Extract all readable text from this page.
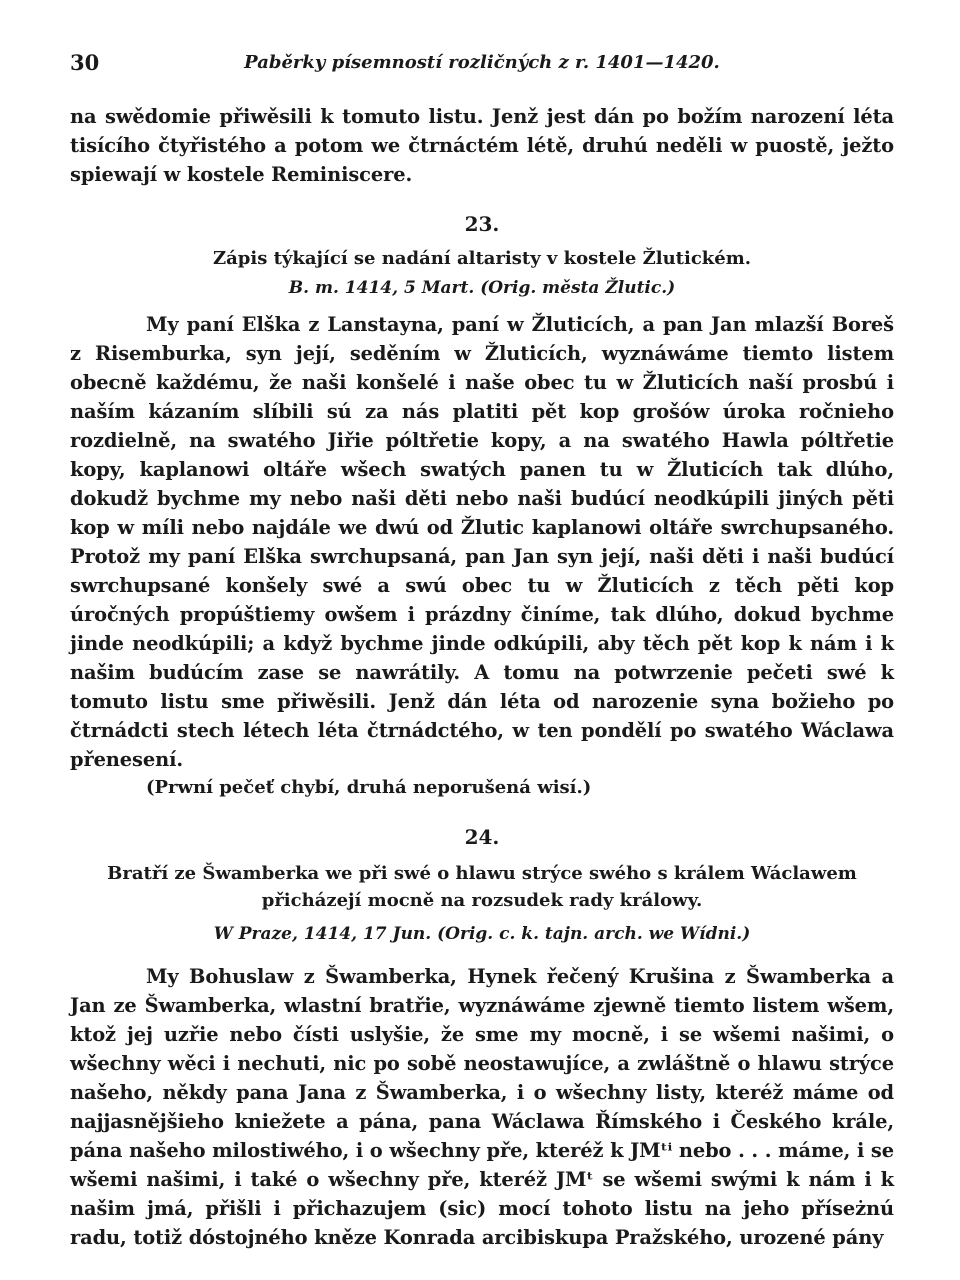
30	Paběrky písemností rozličných z r. 1401—1420.

na swědomie přiwěsili k tomuto listu. Jenž jest dán po božím narození léta tisícího čtyřistého a potom we čtrnáctém létě, druhú neděli w puostě, ježto spiewají w kostele Reminiscere.

23.
Zápis týkající se nadání altaristy v kostele Žlutickém.
B. m. 1414, 5 Mart. (Orig. města Žlutic.)

My paní Elška z Lanstayna, paní w Žluticích, a pan Jan mlazší Boreš z Risemburka, syn její, seděním w Žluticích, wyznáwáme tiemto listem obecně každému, že naši konšelé i naše obec tu w Žluticích naší prosbú i naším kázaním slíbili sú za nás platiti pět kop grošów úroka ročnieho rozdielně, na swatého Jiřie póltřetie kopy, a na swatého Hawla póltřetie kopy, kaplanowi oltáře wšech swatých panen tu w Žluticích tak dlúho, dokudž bychme my nebo naši děti nebo naši budúcí neodkúpili jiných pěti kop w míli nebo najdále we dwú od Žlutic kaplanowi oltáře swrchupsaného. Protož my paní Elška swrchupsaná, pan Jan syn její, naši děti i naši budúcí swrchupsané konšely swé a swú obec tu w Žluticích z těch pěti kop úročných propúštiemy owšem i prázdny činíme, tak dlúho, dokud bychme jinde neodkúpili; a když bychme jinde odkúpili, aby těch pět kop k nám i k našim budúcím zase se nawrátily. A tomu na potwrzenie pečeti swé k tomuto listu sme přiwěsili. Jenž dán léta od narozenie syna božieho po čtrnádcti stech létech léta čtrnádctého, w ten pondělí po swatého Wáclawa přenesení.

(Prwní pečeť chybí, druhá neporušená wisí.)
24.
Bratří ze Šwamberka we při swé o hlawu strýce swého s králem Wáclawem přicházejí mocně na rozsudek rady králowy.
W Praze, 1414, 17 Jun. (Orig. c. k. tajn. arch. we Wídni.)

My Bohuslaw z Šwamberka, Hynek řečený Krušina z Šwamberka a Jan ze Šwamberka, wlastní bratřie, wyznáwáme zjewně tiemto listem wšem, ktož jej uzřie nebo čísti uslyšie, že sme my mocně, i se wšemi našimi, o wšechny wěci i nechuti, nic po sobě neostawujíce, a zwláštně o hlawu strýce našeho, někdy pana Jana z Šwamberka, i o wšechny listy, kteréž máme od najjasnějšieho kniežete a pána, pana Wáclawa Římského i Českého krále, pána našeho milostiwého, i o wšechny pře, kteréž k JMᵗⁱ nebo . . . máme, i se wšemi našimi, i také o wšechny pře, kteréž JMᵗ se wšemi swými k nám i k našim jmá, přišli i přichazujem (sic) mocí tohoto listu na jeho příseżnú radu, totiž dóstojného kněze Konrada arcibiskupa Pražského, urozené pány
